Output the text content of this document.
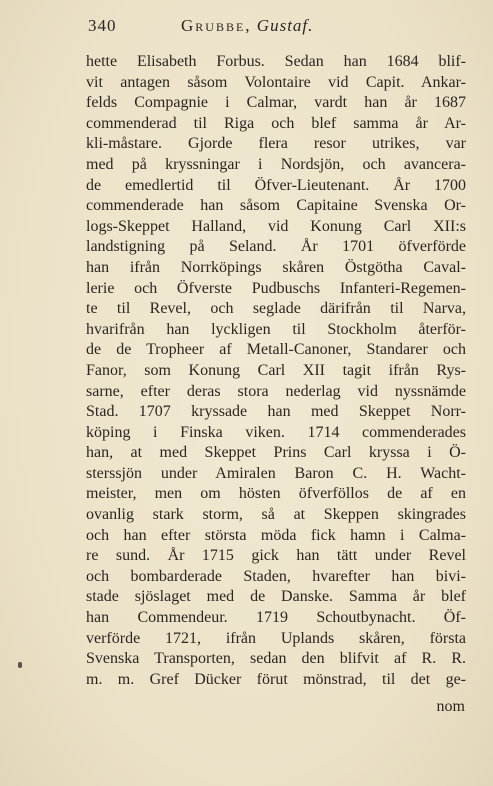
340	Grubbe, Gustaf.
hette Elisabeth Forbus. Sedan han 1684 blif-
vit antagen såsom Volontaire vid Capit. Ankar-
felds Compagnie i Calmar, vardt han år 1687
commenderad til Riga och blef samma år Ar-
kli-måstare. Gjorde flera resor utrikes, var
med på kryssningar i Nordsjön, och avancera-
de emedlertid til Öfver-Lieutenant. År 1700
commenderade han såsom Capitaine Svenska Or-
logs-Skeppet Halland, vid Konung Carl XII:s
landstigning på Seland. År 1701 öfverförde
han ifrån Norrköpings skåren Östgötha Caval-
lerie och Öfverste Pudbuschs Infanteri-Regemen-
te til Revel, och seglade därifrån til Narva,
hvarifrån han lyckligen til Stockholm återför-
de de Tropheer af Metall-Canoner, Standarer och
Fanor, som Konung Carl XII tagit ifrån Rys-
sarne, efter deras stora nederlag vid nyssnämde
Stad. 1707 kryssade han med Skeppet Norr-
köping i Finska viken. 1714 commenderades
han, at med Skeppet Prins Carl kryssa i Ö-
sterssjön under Amiralen Baron C. H. Wacht-
meister, men om hösten öfverföllos de af en
ovanlig stark storm, så at Skeppen skingrades
och han efter största möda fick hamn i Calma-
re sund. År 1715 gick han tätt under Revel
och bombarderade Staden, hvarefter han bivi-
stade sjöslaget med de Danske. Samma år blef
han Commendeur. 1719 Schoutbynacht. Öf-
verförde 1721, ifrån Uplands skåren, första
Svenska Transporten, sedan den blifvit af R. R.
m. m. Gref Dücker förut mönstrad, til det ge-
nom
